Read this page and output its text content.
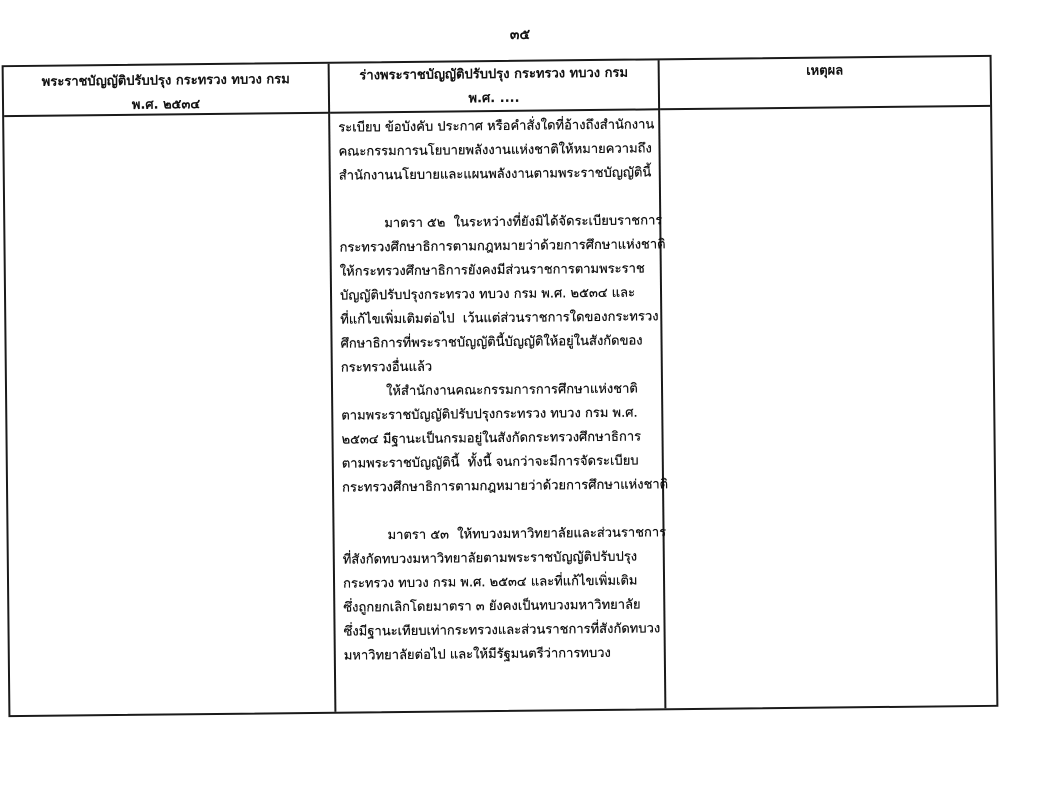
๓๕
พระราชบัญญัติปรับปรุง กระทรวง ทบวง กรม
พ.ศ. ๒๕๓๔
ร่างพระราชบัญญัติปรับปรุง กระทรวง ทบวง กรม
พ.ศ. ....
เหตุผล
ระเบียบ ข้อบังคับ ประกาศ หรือคำสั่งใดที่อ้างถึงสำนักงาน
คณะกรรมการนโยบายพลังงานแห่งชาติให้หมายความถึง
สำนักงานนโยบายและแผนพลังงานตามพระราชบัญญัตินี้
มาตรา ๕๒  ในระหว่างที่ยังมิได้จัดระเบียบราชการ
กระทรวงศึกษาธิการตามกฎหมายว่าด้วยการศึกษาแห่งชาติ
ให้กระทรวงศึกษาธิการยังคงมีส่วนราชการตามพระราช
บัญญัติปรับปรุงกระทรวง ทบวง กรม พ.ศ. ๒๕๓๔ และ
ที่แก้ไขเพิ่มเติมต่อไป  เว้นแต่ส่วนราชการใดของกระทรวง
ศึกษาธิการที่พระราชบัญญัตินี้บัญญัติให้อยู่ในสังกัดของ
กระทรวงอื่นแล้ว
ให้สำนักงานคณะกรรมการการศึกษาแห่งชาติ
ตามพระราชบัญญัติปรับปรุงกระทรวง ทบวง กรม พ.ศ.
๒๕๓๔ มีฐานะเป็นกรมอยู่ในสังกัดกระทรวงศึกษาธิการ
ตามพระราชบัญญัตินี้  ทั้งนี้ จนกว่าจะมีการจัดระเบียบ
กระทรวงศึกษาธิการตามกฎหมายว่าด้วยการศึกษาแห่งชาติ
มาตรา ๕๓  ให้ทบวงมหาวิทยาลัยและส่วนราชการ
ที่สังกัดทบวงมหาวิทยาลัยตามพระราชบัญญัติปรับปรุง
กระทรวง ทบวง กรม พ.ศ. ๒๕๓๔ และที่แก้ไขเพิ่มเติม
ซึ่งถูกยกเลิกโดยมาตรา ๓ ยังคงเป็นทบวงมหาวิทยาลัย
ซึ่งมีฐานะเทียบเท่ากระทรวงและส่วนราชการที่สังกัดทบวง
มหาวิทยาลัยต่อไป และให้มีรัฐมนตรีว่าการทบวง
